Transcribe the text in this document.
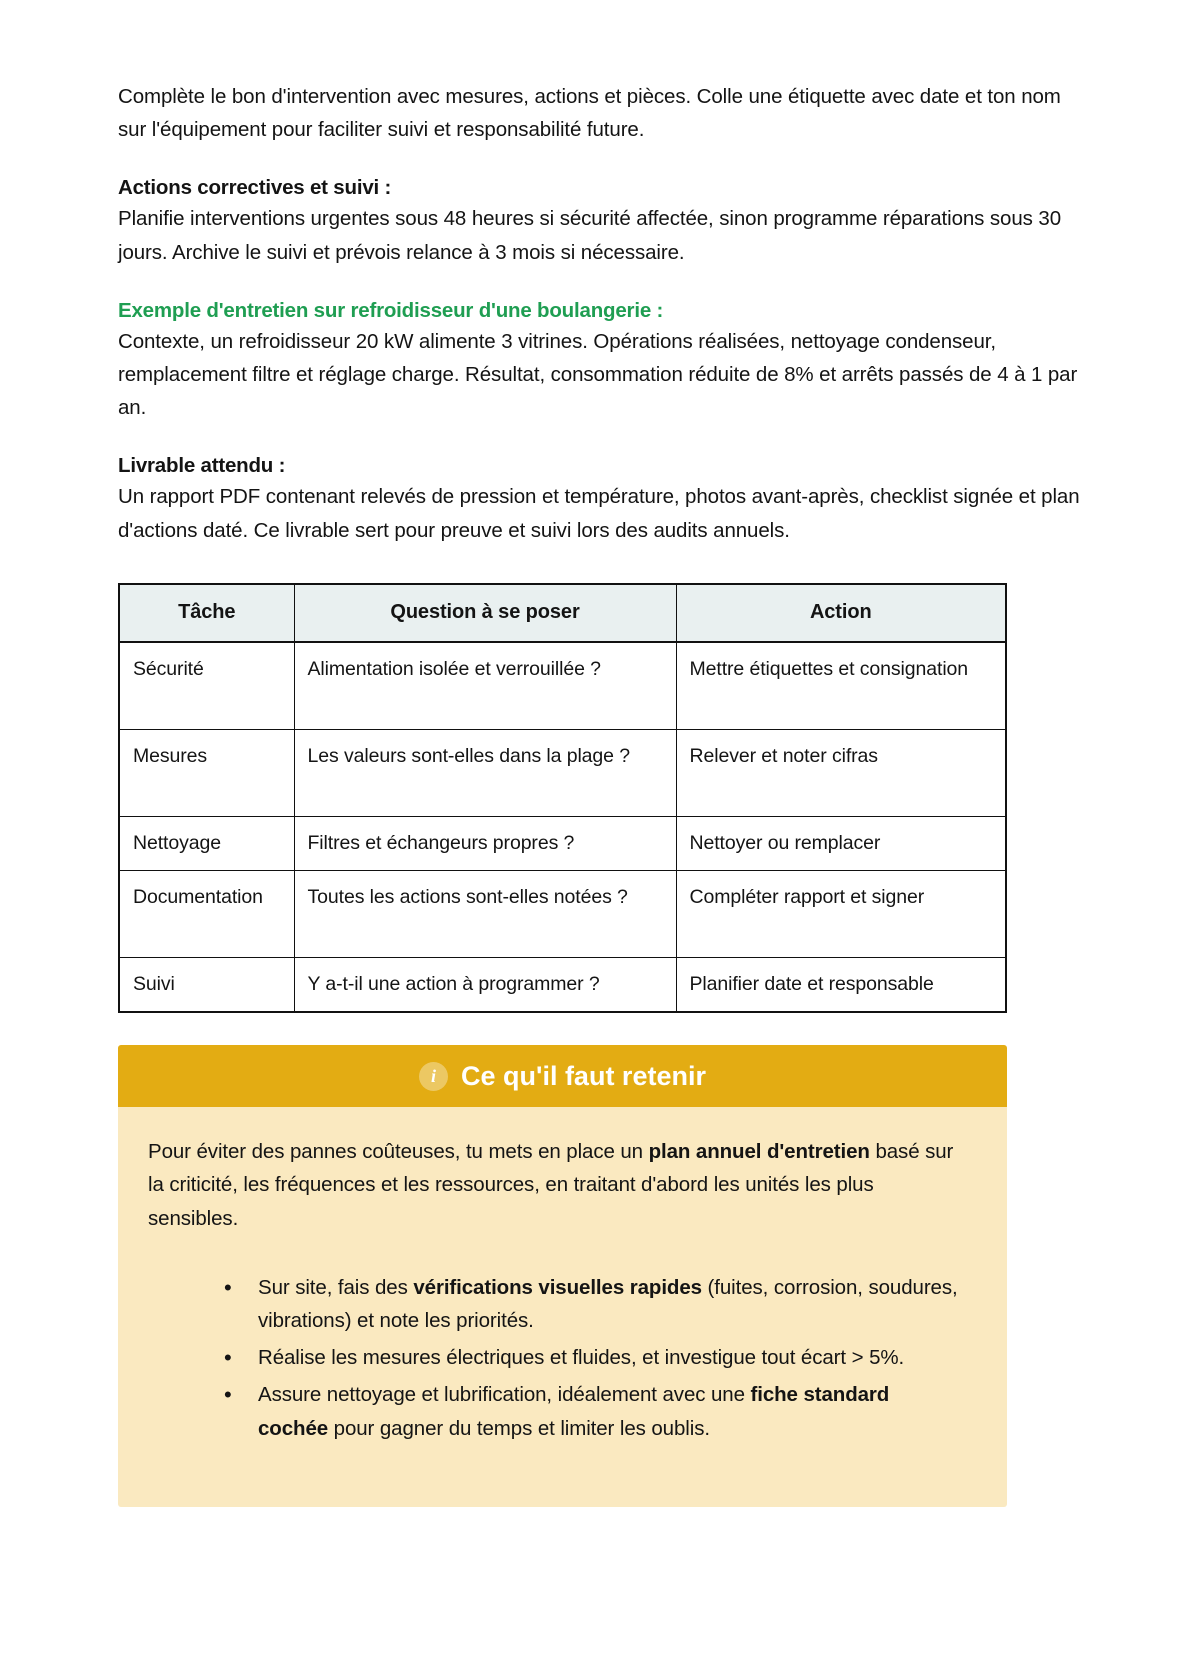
Complète le bon d'intervention avec mesures, actions et pièces. Colle une étiquette avec date et ton nom sur l'équipement pour faciliter suivi et responsabilité future.

Actions correctives et suivi :

Planifie interventions urgentes sous 48 heures si sécurité affectée, sinon programme réparations sous 30 jours. Archive le suivi et prévois relance à 3 mois si nécessaire.

Exemple d'entretien sur refroidisseur d'une boulangerie :

Contexte, un refroidisseur 20 kW alimente 3 vitrines. Opérations réalisées, nettoyage condenseur, remplacement filtre et réglage charge. Résultat, consommation réduite de 8% et arrêts passés de 4 à 1 par an.

Livrable attendu :

Un rapport PDF contenant relevés de pression et température, photos avant-après, checklist signée et plan d'actions daté. Ce livrable sert pour preuve et suivi lors des audits annuels.

Tâche	Question à se poser	Action
Sécurité	Alimentation isolée et verrouillée ?	Mettre étiquettes et consignation
Mesures	Les valeurs sont-elles dans la plage ?	Relever et noter cifras
Nettoyage	Filtres et échangeurs propres ?	Nettoyer ou remplacer
Documentation	Toutes les actions sont-elles notées ?	Compléter rapport et signer
Suivi	Y a-t-il une action à programmer ?	Planifier date et responsable
i Ce qu'il faut retenir

Pour éviter des pannes coûteuses, tu mets en place un plan annuel d'entretien basé sur la criticité, les fréquences et les ressources, en traitant d'abord les unités les plus sensibles.

• Sur site, fais des vérifications visuelles rapides (fuites, corrosion, soudures, vibrations) et note les priorités.
• Réalise les mesures électriques et fluides, et investigue tout écart > 5%.
• Assure nettoyage et lubrification, idéalement avec une fiche standard cochée pour gagner du temps et limiter les oublis.
